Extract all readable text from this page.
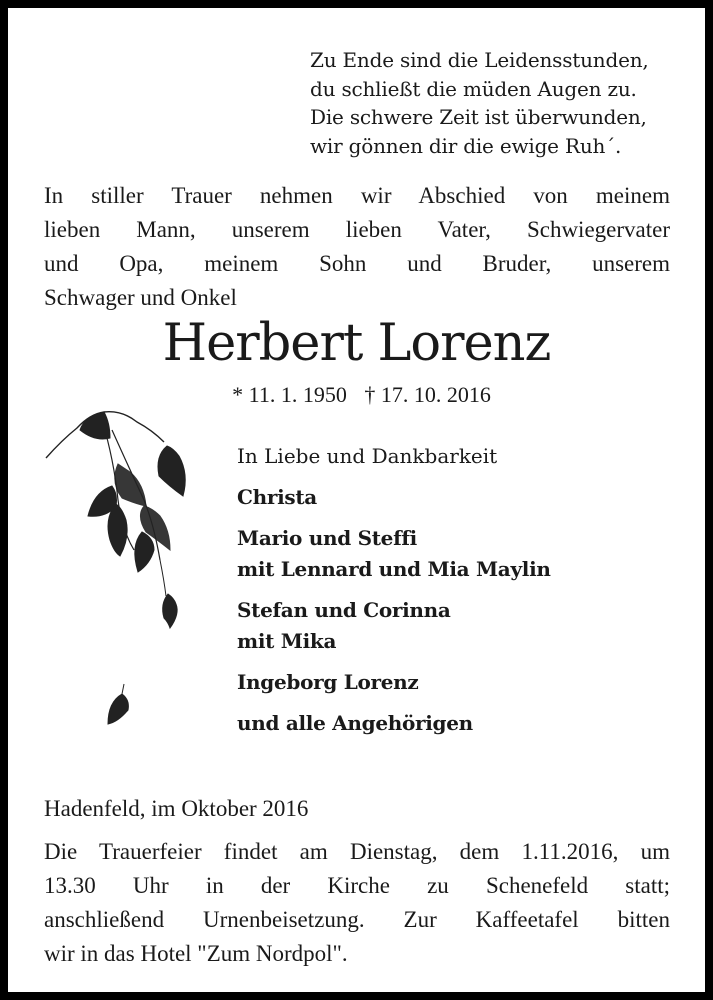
Zu Ende sind die Leidensstunden,
du schließt die müden Augen zu.
Die schwere Zeit ist überwunden,
wir gönnen dir die ewige Ruh´.
In stiller Trauer nehmen wir Abschied von meinem
lieben Mann, unserem lieben Vater, Schwiegervater
und Opa, meinem Sohn und Bruder, unserem
Schwager und Onkel
Herbert Lorenz
* 11. 1. 1950 † 17. 10. 2016
In Liebe und Dankbarkeit
Christa
Mario und Steffi
mit Lennard und Mia Maylin
Stefan und Corinna
mit Mika
Ingeborg Lorenz
und alle Angehörigen
Hadenfeld, im Oktober 2016
Die Trauerfeier findet am Dienstag, dem 1.11.2016, um
13.30 Uhr in der Kirche zu Schenefeld statt;
anschließend Urnenbeisetzung. Zur Kaffeetafel bitten
wir in das Hotel "Zum Nordpol".
